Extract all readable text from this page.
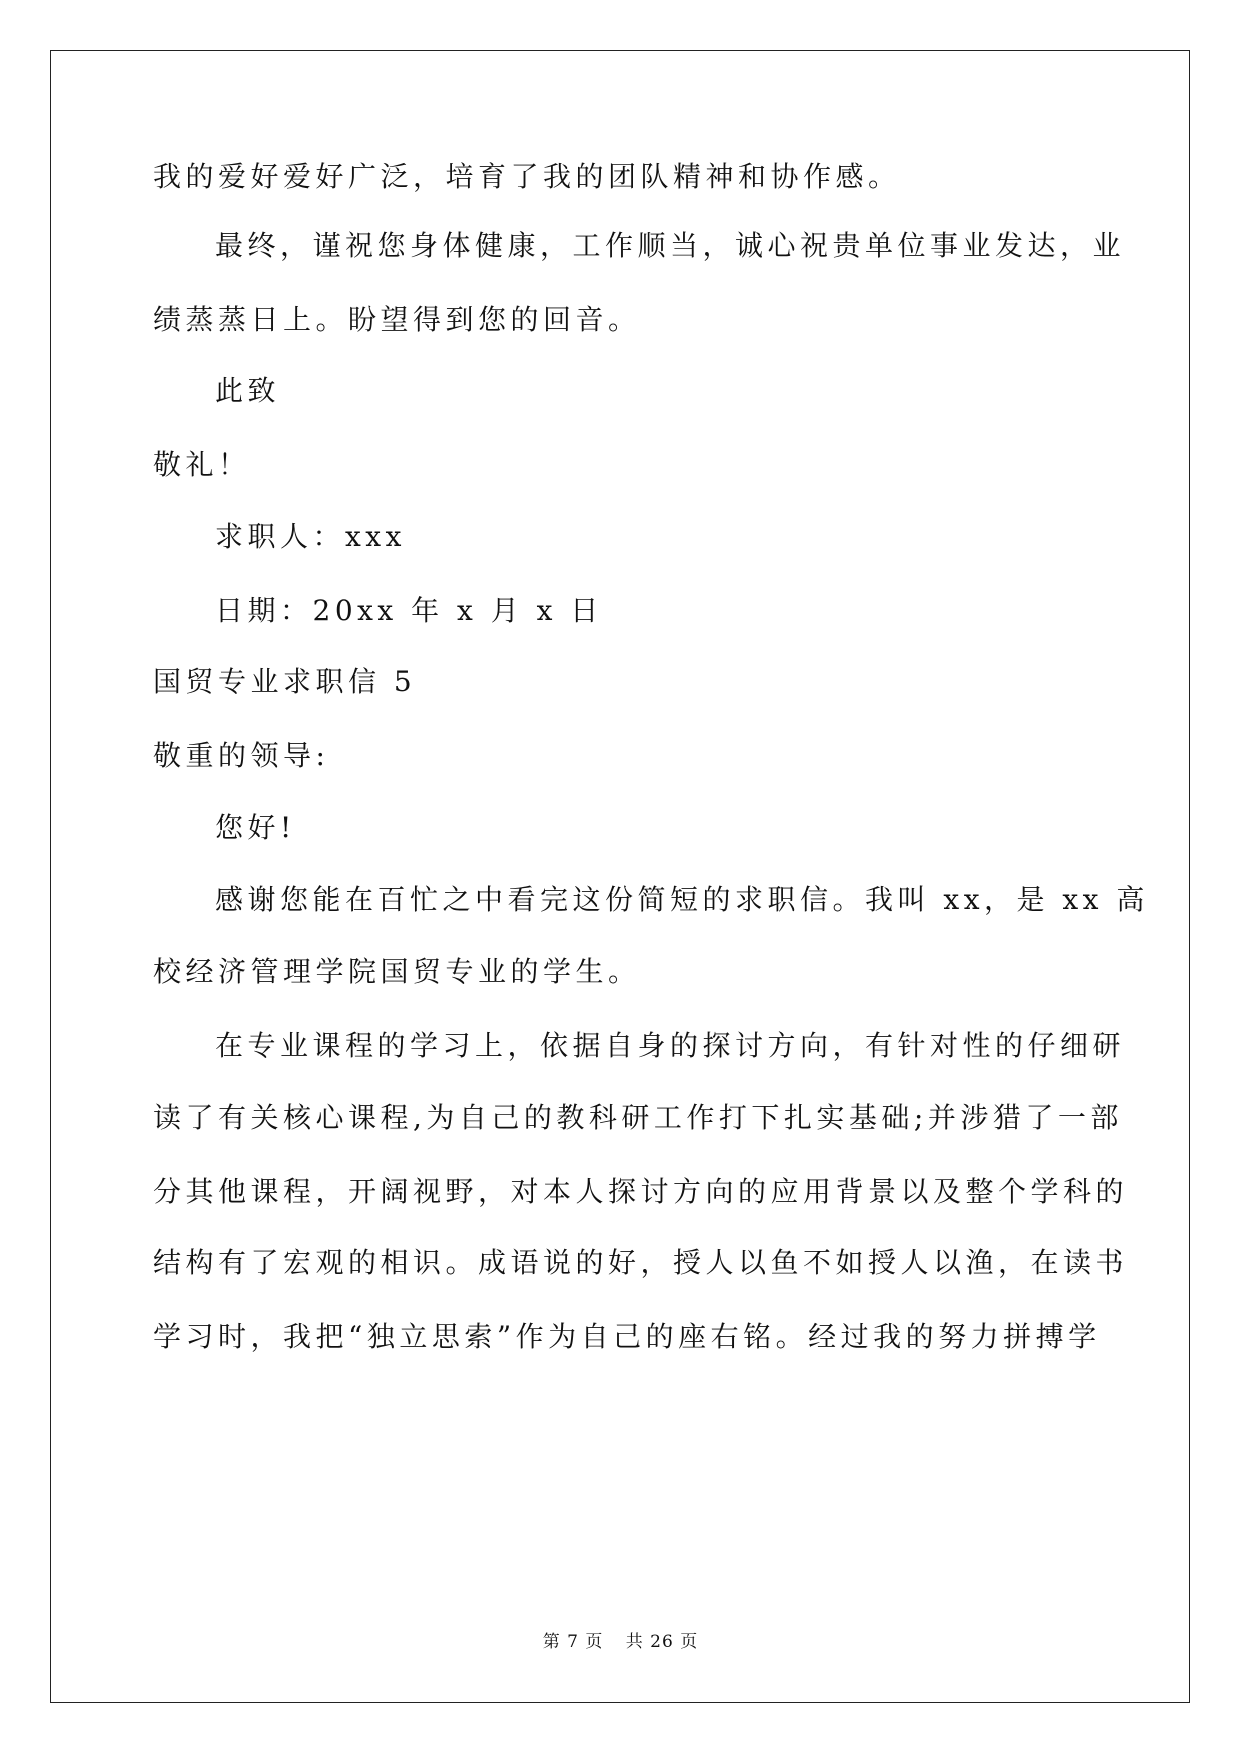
我的爱好爱好广泛，培育了我的团队精神和协作感。
最终，谨祝您身体健康，工作顺当，诚心祝贵单位事业发达，业
绩蒸蒸日上。盼望得到您的回音。
此致
敬礼！
求职人：xxx
日期：20xx 年 x 月 x 日
国贸专业求职信 5
敬重的领导:
您好!
感谢您能在百忙之中看完这份简短的求职信。我叫 xx，是 xx 高
校经济管理学院国贸专业的学生。
在专业课程的学习上，依据自身的探讨方向，有针对性的仔细研
读了有关核心课程,为自己的教科研工作打下扎实基础;并涉猎了一部
分其他课程，开阔视野，对本人探讨方向的应用背景以及整个学科的
结构有了宏观的相识。成语说的好，授人以鱼不如授人以渔，在读书
学习时，我把“独立思索”作为自己的座右铭。经过我的努力拼搏学
第 7 页 共 26 页
